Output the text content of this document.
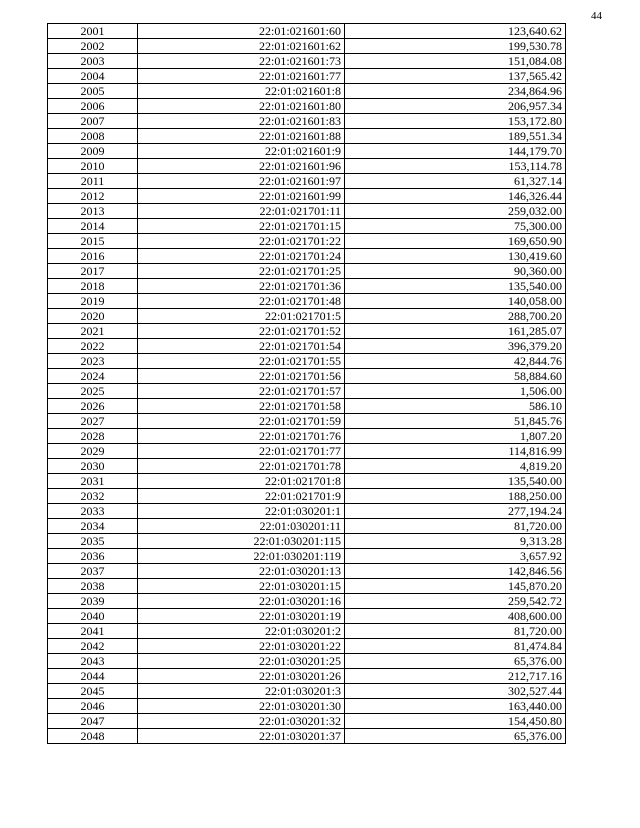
44
2001	22:01:021601:60	123,640.62
2002	22:01:021601:62	199,530.78
2003	22:01:021601:73	151,084.08
2004	22:01:021601:77	137,565.42
2005	22:01:021601:8	234,864.96
2006	22:01:021601:80	206,957.34
2007	22:01:021601:83	153,172.80
2008	22:01:021601:88	189,551.34
2009	22:01:021601:9	144,179.70
2010	22:01:021601:96	153,114.78
2011	22:01:021601:97	61,327.14
2012	22:01:021601:99	146,326.44
2013	22:01:021701:11	259,032.00
2014	22:01:021701:15	75,300.00
2015	22:01:021701:22	169,650.90
2016	22:01:021701:24	130,419.60
2017	22:01:021701:25	90,360.00
2018	22:01:021701:36	135,540.00
2019	22:01:021701:48	140,058.00
2020	22:01:021701:5	288,700.20
2021	22:01:021701:52	161,285.07
2022	22:01:021701:54	396,379.20
2023	22:01:021701:55	42,844.76
2024	22:01:021701:56	58,884.60
2025	22:01:021701:57	1,506.00
2026	22:01:021701:58	586.10
2027	22:01:021701:59	51,845.76
2028	22:01:021701:76	1,807.20
2029	22:01:021701:77	114,816.99
2030	22:01:021701:78	4,819.20
2031	22:01:021701:8	135,540.00
2032	22:01:021701:9	188,250.00
2033	22:01:030201:1	277,194.24
2034	22:01:030201:11	81,720.00
2035	22:01:030201:115	9,313.28
2036	22:01:030201:119	3,657.92
2037	22:01:030201:13	142,846.56
2038	22:01:030201:15	145,870.20
2039	22:01:030201:16	259,542.72
2040	22:01:030201:19	408,600.00
2041	22:01:030201:2	81,720.00
2042	22:01:030201:22	81,474.84
2043	22:01:030201:25	65,376.00
2044	22:01:030201:26	212,717.16
2045	22:01:030201:3	302,527.44
2046	22:01:030201:30	163,440.00
2047	22:01:030201:32	154,450.80
2048	22:01:030201:37	65,376.00
